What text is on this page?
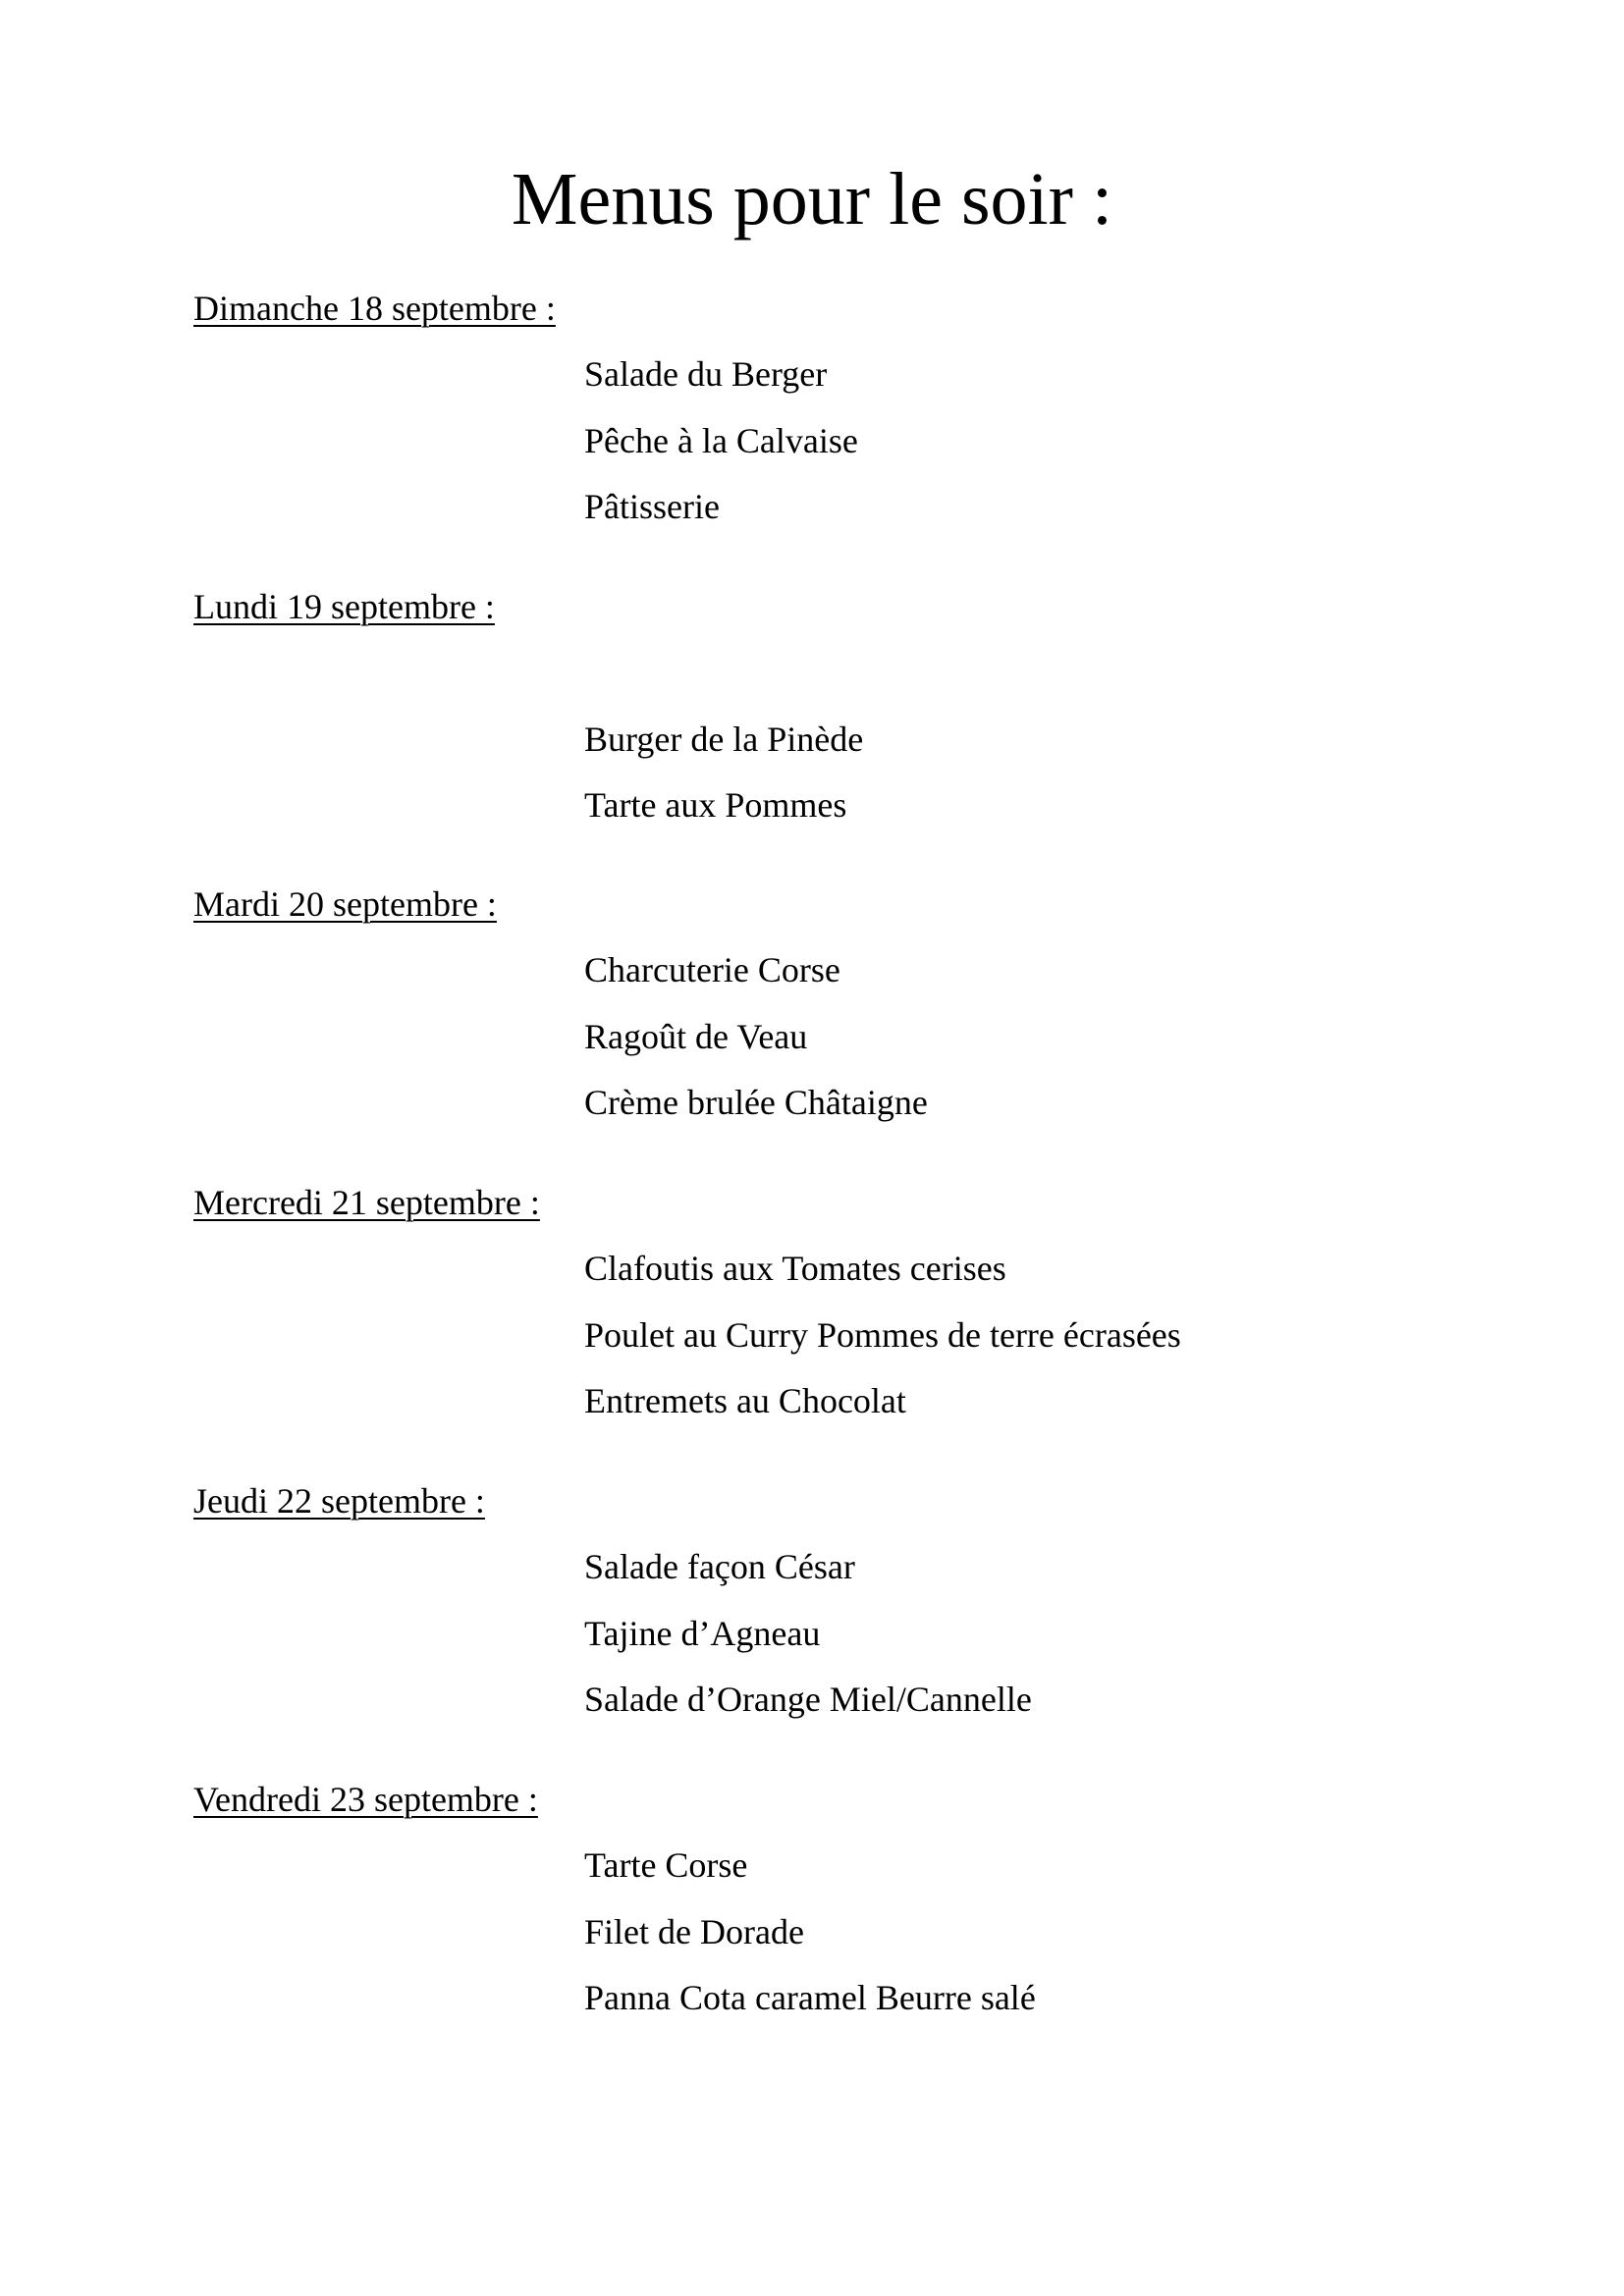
Menus pour le soir :
Dimanche 18 septembre :
Salade du Berger
Pêche à la Calvaise
Pâtisserie
Lundi 19 septembre :
Burger de la Pinède
Tarte aux Pommes
Mardi 20 septembre :
Charcuterie Corse
Ragoût de Veau
Crème brulée Châtaigne
Mercredi 21 septembre :
Clafoutis aux Tomates cerises
Poulet au Curry Pommes de terre écrasées
Entremets au Chocolat
Jeudi 22 septembre :
Salade façon César
Tajine d’Agneau
Salade d’Orange Miel/Cannelle
Vendredi 23 septembre :
Tarte Corse
Filet de Dorade
Panna Cota caramel Beurre salé
